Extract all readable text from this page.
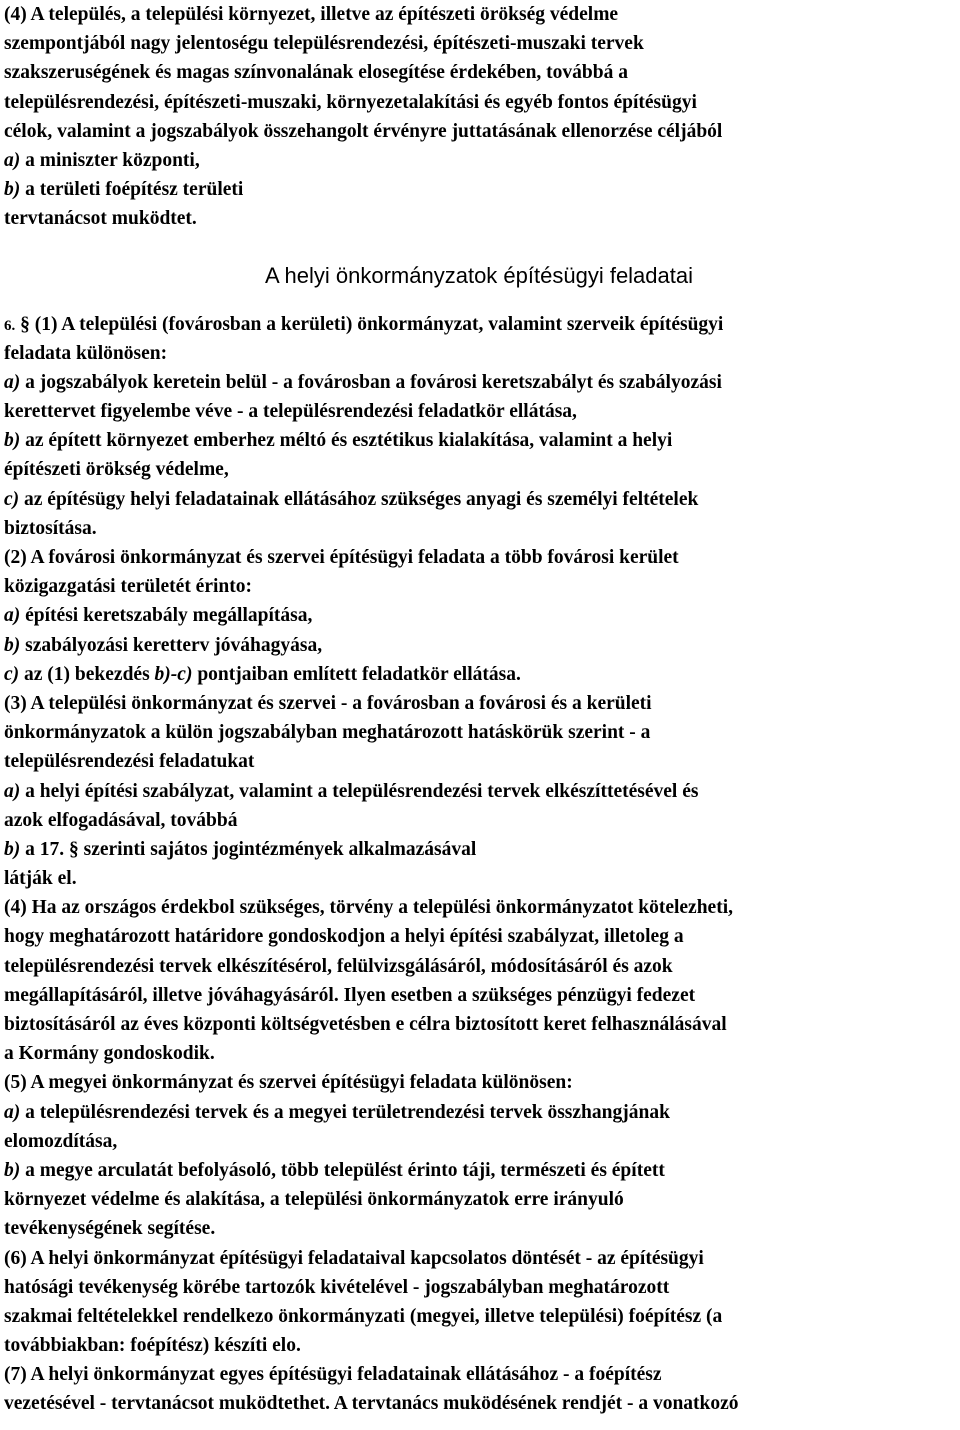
(4) A település, a települési környezet, illetve az építészeti örökség védelme
szempontjából nagy jelentoségu településrendezési, építészeti-muszaki tervek
szakszeruségének és magas színvonalának elosegítése érdekében, továbbá a
településrendezési, építészeti-muszaki, környezetalakítási és egyéb fontos építésügyi
célok, valamint a jogszabályok összehangolt érvényre juttatásának ellenorzése céljából
a) a miniszter központi,
b) a területi foépítész területi
tervtanácsot muködtet.
A helyi önkormányzatok építésügyi feladatai
6. § (1) A települési (fovárosban a kerületi) önkormányzat, valamint szerveik építésügyi
feladata különösen:
a) a jogszabályok keretein belül - a fovárosban a fovárosi keretszabályt és szabályozási
kerettervet figyelembe véve - a településrendezési feladatkör ellátása,
b) az épített környezet emberhez méltó és esztétikus kialakítása, valamint a helyi
építészeti örökség védelme,
c) az építésügy helyi feladatainak ellátásához szükséges anyagi és személyi feltételek
biztosítása.
(2) A fovárosi önkormányzat és szervei építésügyi feladata a több fovárosi kerület
közigazgatási területét érinto:
a) építési keretszabály megállapítása,
b) szabályozási keretterv jóváhagyása,
c) az (1) bekezdés b)-c) pontjaiban említett feladatkör ellátása.
(3) A települési önkormányzat és szervei - a fovárosban a fovárosi és a kerületi
önkormányzatok a külön jogszabályban meghatározott hatáskörük szerint - a
településrendezési feladatukat
a) a helyi építési szabályzat, valamint a településrendezési tervek elkészíttetésével és
azok elfogadásával, továbbá
b) a 17. § szerinti sajátos jogintézmények alkalmazásával
látják el.
(4) Ha az országos érdekbol szükséges, törvény a települési önkormányzatot kötelezheti,
hogy meghatározott határidore gondoskodjon a helyi építési szabályzat, illetoleg a
településrendezési tervek elkészítésérol, felülvizsgálásáról, módosításáról és azok
megállapításáról, illetve jóváhagyásáról. Ilyen esetben a szükséges pénzügyi fedezet
biztosításáról az éves központi költségvetésben e célra biztosított keret felhasználásával
a Kormány gondoskodik.
(5) A megyei önkormányzat és szervei építésügyi feladata különösen:
a) a településrendezési tervek és a megyei területrendezési tervek összhangjának
elomozdítása,
b) a megye arculatát befolyásoló, több települést érinto táji, természeti és épített
környezet védelme és alakítása, a települési önkormányzatok erre irányuló
tevékenységének segítése.
(6) A helyi önkormányzat építésügyi feladataival kapcsolatos döntését - az építésügyi
hatósági tevékenység körébe tartozók kivételével - jogszabályban meghatározott
szakmai feltételekkel rendelkezo önkormányzati (megyei, illetve települési) foépítész (a
továbbiakban: foépítész) készíti elo.
(7) A helyi önkormányzat egyes építésügyi feladatainak ellátásához - a foépítész
vezetésével - tervtanácsot muködtethet. A tervtanács muködésének rendjét - a vonatkozó
